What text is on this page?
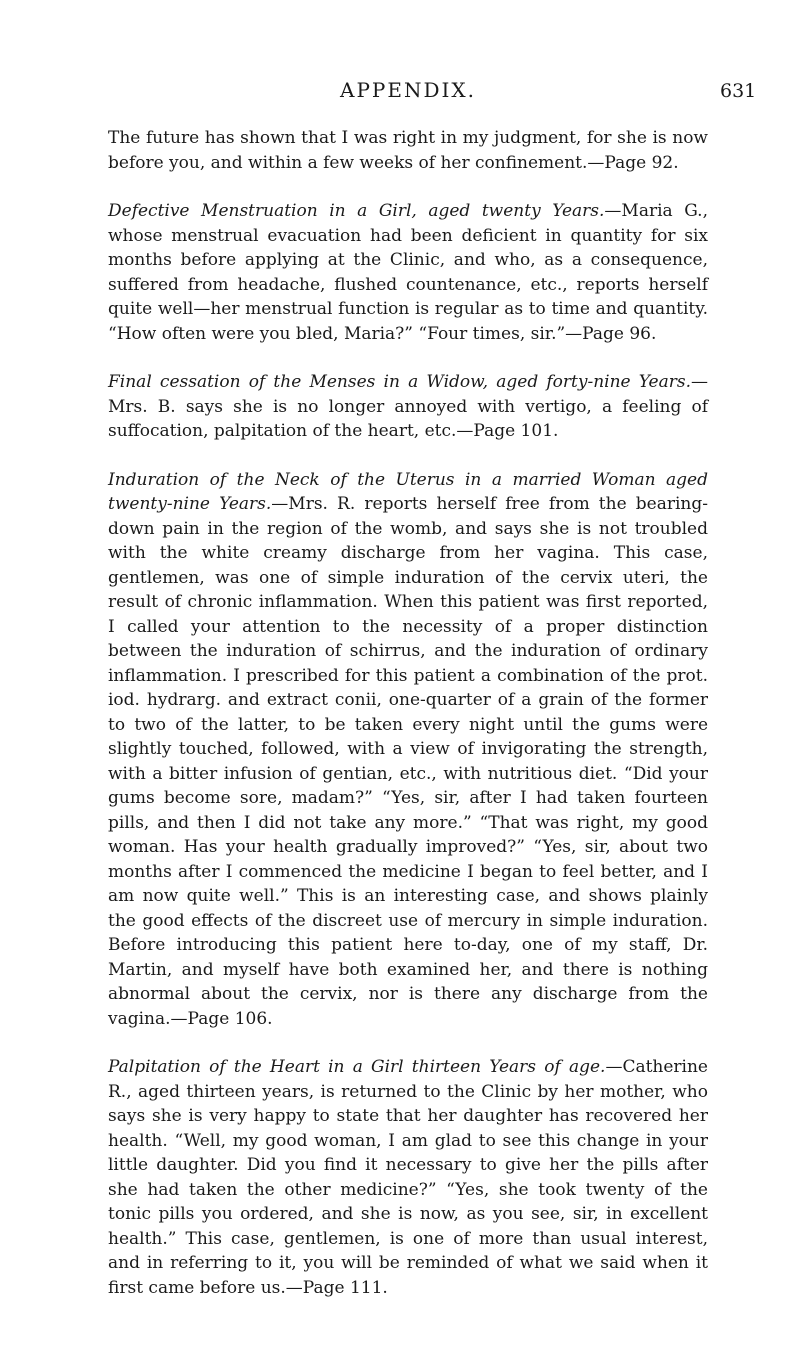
APPENDIX.	631

The future has shown that I was right in my judgment, for she is now before you, and within a few weeks of her confinement.—Page 92.

Defective Menstruation in a Girl, aged twenty Years.—Maria G., whose menstrual evacuation had been deficient in quantity for six months before applying at the Clinic, and who, as a consequence, suffered from headache, flushed countenance, etc., reports herself quite well—her menstrual function is regular as to time and quantity. “How often were you bled, Maria?” “Four times, sir.”—Page 96.

Final cessation of the Menses in a Widow, aged forty-nine Years.—Mrs. B. says she is no longer annoyed with vertigo, a feeling of suffocation, palpitation of the heart, etc.—Page 101.

Induration of the Neck of the Uterus in a married Woman aged twenty-nine Years.—Mrs. R. reports herself free from the bearing-down pain in the region of the womb, and says she is not troubled with the white creamy discharge from her vagina. This case, gentlemen, was one of simple induration of the cervix uteri, the result of chronic inflammation. When this patient was first reported, I called your attention to the necessity of a proper distinction between the induration of schirrus, and the induration of ordinary inflammation. I prescribed for this patient a combination of the prot. iod. hydrarg. and extract conii, one-quarter of a grain of the former to two of the latter, to be taken every night until the gums were slightly touched, followed, with a view of invigorating the strength, with a bitter infusion of gentian, etc., with nutritious diet. “Did your gums become sore, madam?” “Yes, sir, after I had taken fourteen pills, and then I did not take any more.” “That was right, my good woman. Has your health gradually improved?” “Yes, sir, about two months after I commenced the medicine I began to feel better, and I am now quite well.” This is an interesting case, and shows plainly the good effects of the discreet use of mercury in simple induration. Before introducing this patient here to-day, one of my staff, Dr. Martin, and myself have both examined her, and there is nothing abnormal about the cervix, nor is there any discharge from the vagina.—Page 106.

Palpitation of the Heart in a Girl thirteen Years of age.—Catherine R., aged thirteen years, is returned to the Clinic by her mother, who says she is very happy to state that her daughter has recovered her health. “Well, my good woman, I am glad to see this change in your little daughter. Did you find it necessary to give her the pills after she had taken the other medicine?” “Yes, she took twenty of the tonic pills you ordered, and she is now, as you see, sir, in excellent health.” This case, gentlemen, is one of more than usual interest, and in referring to it, you will be reminded of what we said when it first came before us.—Page 111.
